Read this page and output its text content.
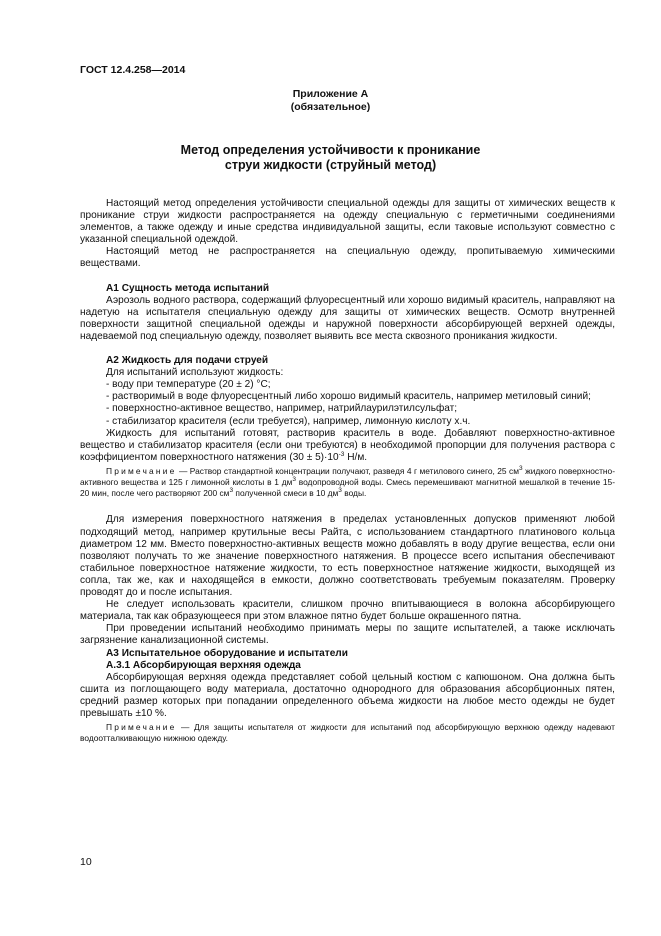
ГОСТ 12.4.258—2014
Приложение А
(обязательное)
Метод определения устойчивости к проникание
струи жидкости (струйный метод)

Настоящий метод определения устойчивости специальной одежды для защиты от химических веществ к проникание струи жидкости распространяется на одежду специальную с герметичными соединениями элементов, а также одежду и иные средства индивидуальной защиты, если таковые используют совместно с указанной специальной одеждой.

Настоящий метод не распространяется на специальную одежду, пропитываемую химическими веществами.

А1 Сущность метода испытаний

Аэрозоль водного раствора, содержащий флуоресцентный или хорошо видимый краситель, направляют на надетую на испытателя специальную одежду для защиты от химических веществ. Осмотр внутренней поверхности защитной специальной одежды и наружной поверхности абсорбирующей верхней одежды, надеваемой под специальную одежду, позволяет выявить все места сквозного проникания жидкости.

А2 Жидкость для подачи струей

Для испытаний используют жидкость:

- воду при температуре (20 ± 2) °С;

- растворимый в воде флуоресцентный либо хорошо видимый краситель, например метиловый синий;

- поверхностно-активное вещество, например, натрийлаурилэтилсульфат;

- стабилизатор красителя (если требуется), например, лимонную кислоту х.ч.

Жидкость для испытаний готовят, растворив краситель в воде. Добавляют поверхностно-активное вещество и стабилизатор красителя (если они требуются) в необходимой пропорции для получения раствора с коэффициентом поверхностного натяжения $(30 \pm 5)\cdot 10^{-3}$ Н/м.

Примечание — Раствор стандартной концентрации получают, разведя 4 г метилового синего, 25 $см^3$ жидкого поверхностно-активного вещества и 125 г лимонной кислоты в 1 $дм^3$ водопроводной воды. Смесь перемешивают магнитной мешалкой в течение 15-20 мин, после чего растворяют 200 $см^3$ полученной смеси в 10 $дм^3$ воды.

Для измерения поверхностного натяжения в пределах установленных допусков применяют любой подходящий метод, например крутильные весы Райта, с использованием стандартного платинового кольца диаметром 12 мм. Вместо поверхностно-активных веществ можно добавлять в воду другие вещества, если они позволяют получать то же значение поверхностного натяжения. В процессе всего испытания обеспечивают стабильное поверхностное натяжение жидкости, то есть поверхностное натяжение жидкости, выходящей из сопла, так же, как и находящейся в емкости, должно соответствовать требуемым показателям. Проверку проводят до и после испытания.

Не следует использовать красители, слишком прочно впитывающиеся в волокна абсорбирующего материала, так как образующееся при этом влажное пятно будет больше окрашенного пятна.

При проведении испытаний необходимо принимать меры по защите испытателей, а также исключать загрязнение канализационной системы.

А3 Испытательное оборудование и испытатели

А.3.1 Абсорбирующая верхняя одежда

Абсорбирующая верхняя одежда представляет собой цельный костюм с капюшоном. Она должна быть сшита из поглощающего воду материала, достаточно однородного для образования абсорбционных пятен, средний размер которых при попадании определенного объема жидкости на любое место одежды не будет превышать ±10 %.

Примечание — Для защиты испытателя от жидкости для испытаний под абсорбирующую верхнюю одежду надевают водоотталкивающую нижнюю одежду.

10
